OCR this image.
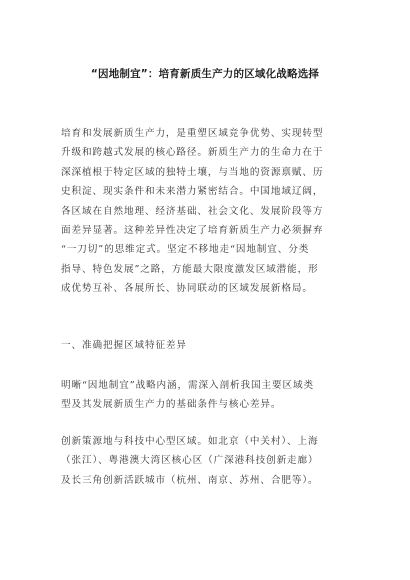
“因地制宜”：培育新质生产力的区域化战略选择
培育和发展新质生产力，是重塑区域竞争优势、实现转型
升级和跨越式发展的核心路径。新质生产力的生命力在于
深深植根于特定区域的独特土壤，与当地的资源禀赋、历
史积淀、现实条件和未来潜力紧密结合。中国地域辽阔，
各区域在自然地理、经济基础、社会文化、发展阶段等方
面差异显著。这种差异性决定了培育新质生产力必须摒弃
“一刀切”的思维定式。坚定不移地走“因地制宜、分类
指导、特色发展”之路，方能最大限度激发区域潜能，形
成优势互补、各展所长、协同联动的区域发展新格局。
一、准确把握区域特征差异
明晰“因地制宜”战略内涵，需深入剖析我国主要区域类
型及其发展新质生产力的基础条件与核心差异。
创新策源地与科技中心型区域。如北京（中关村）、上海
（张江）、粤港澳大湾区核心区（广深港科技创新走廊）
及长三角创新活跃城市（杭州、南京、苏州、合肥等）。
